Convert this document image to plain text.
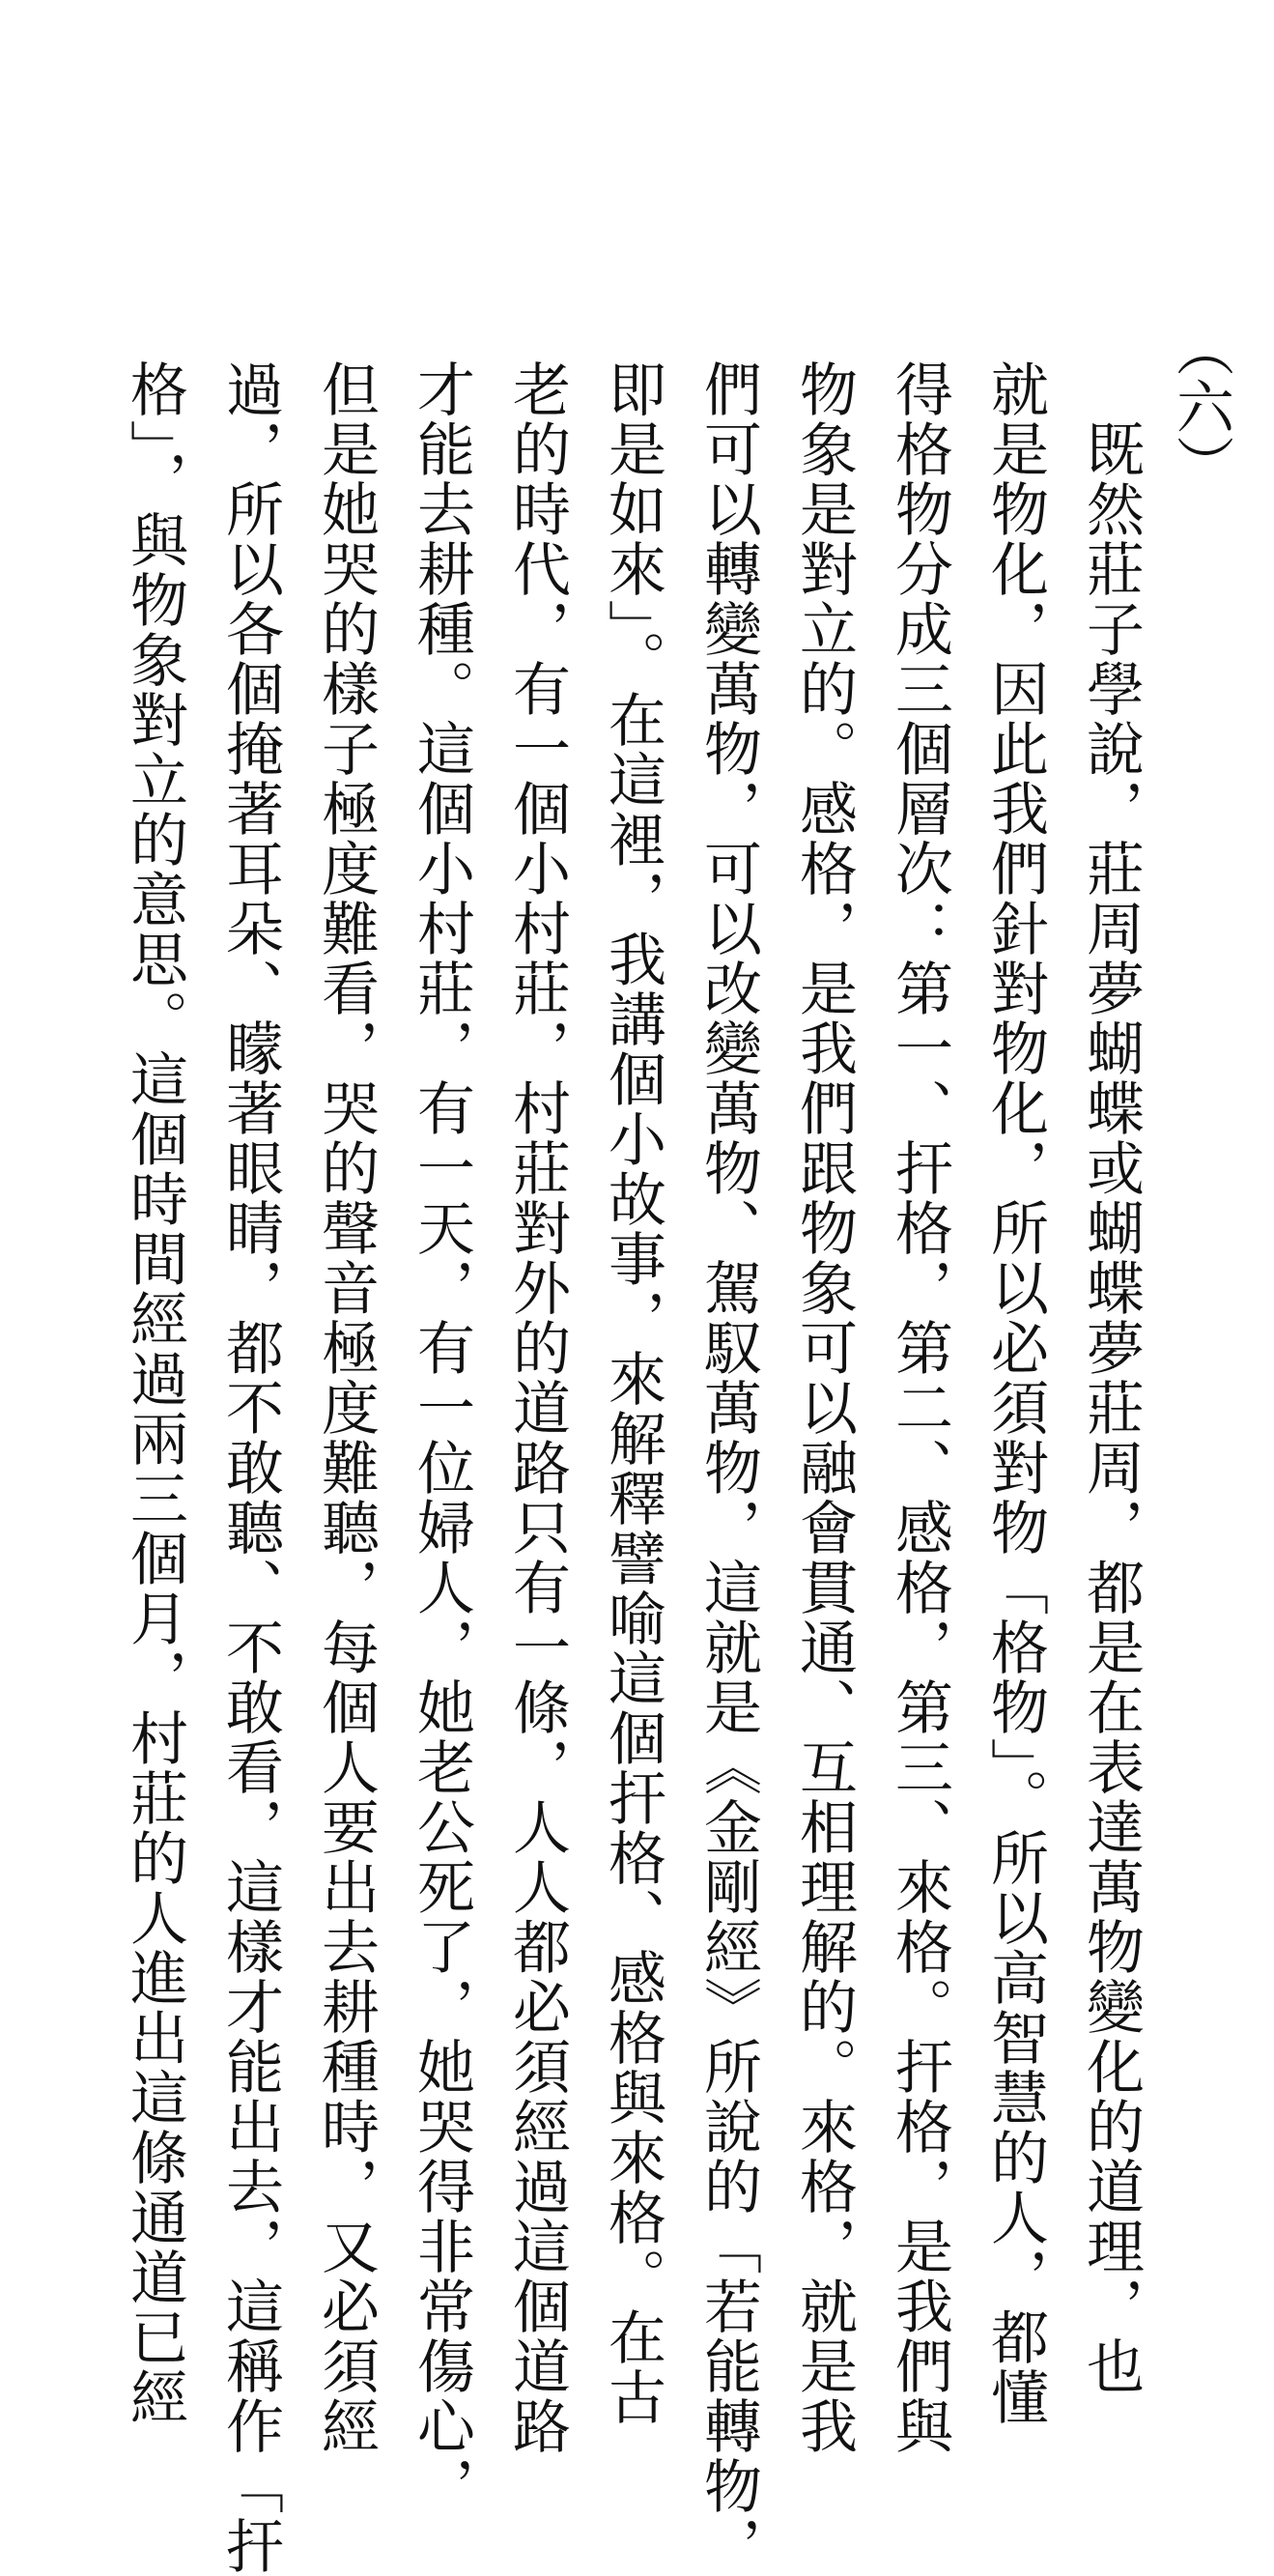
（六）
　既然莊子學說，莊周夢蝴蝶或蝴蝶夢莊周，都是在表達萬物變化的道理，也
就是物化，因此我們針對物化，所以必須對物「格物」。所以高智慧的人，都懂
得格物分成三個層次：第一、扞格，第二、感格，第三、來格。扞格，是我們與
物象是對立的。感格，是我們跟物象可以融會貫通、互相理解的。來格，就是我
們可以轉變萬物，可以改變萬物、駕馭萬物，這就是《金剛經》所說的「若能轉物，
即是如來」。在這裡，我講個小故事，來解釋譬喻這個扞格、感格與來格。在古
老的時代，有一個小村莊，村莊對外的道路只有一條，人人都必須經過這個道路
才能去耕種。這個小村莊，有一天，有一位婦人，她老公死了，她哭得非常傷心，
但是她哭的樣子極度難看，哭的聲音極度難聽，每個人要出去耕種時，又必須經
過，所以各個掩著耳朵、矇著眼睛，都不敢聽、不敢看，這樣才能出去，這稱作「扞
格」，與物象對立的意思。這個時間經過兩三個月，村莊的人進出這條通道已經
